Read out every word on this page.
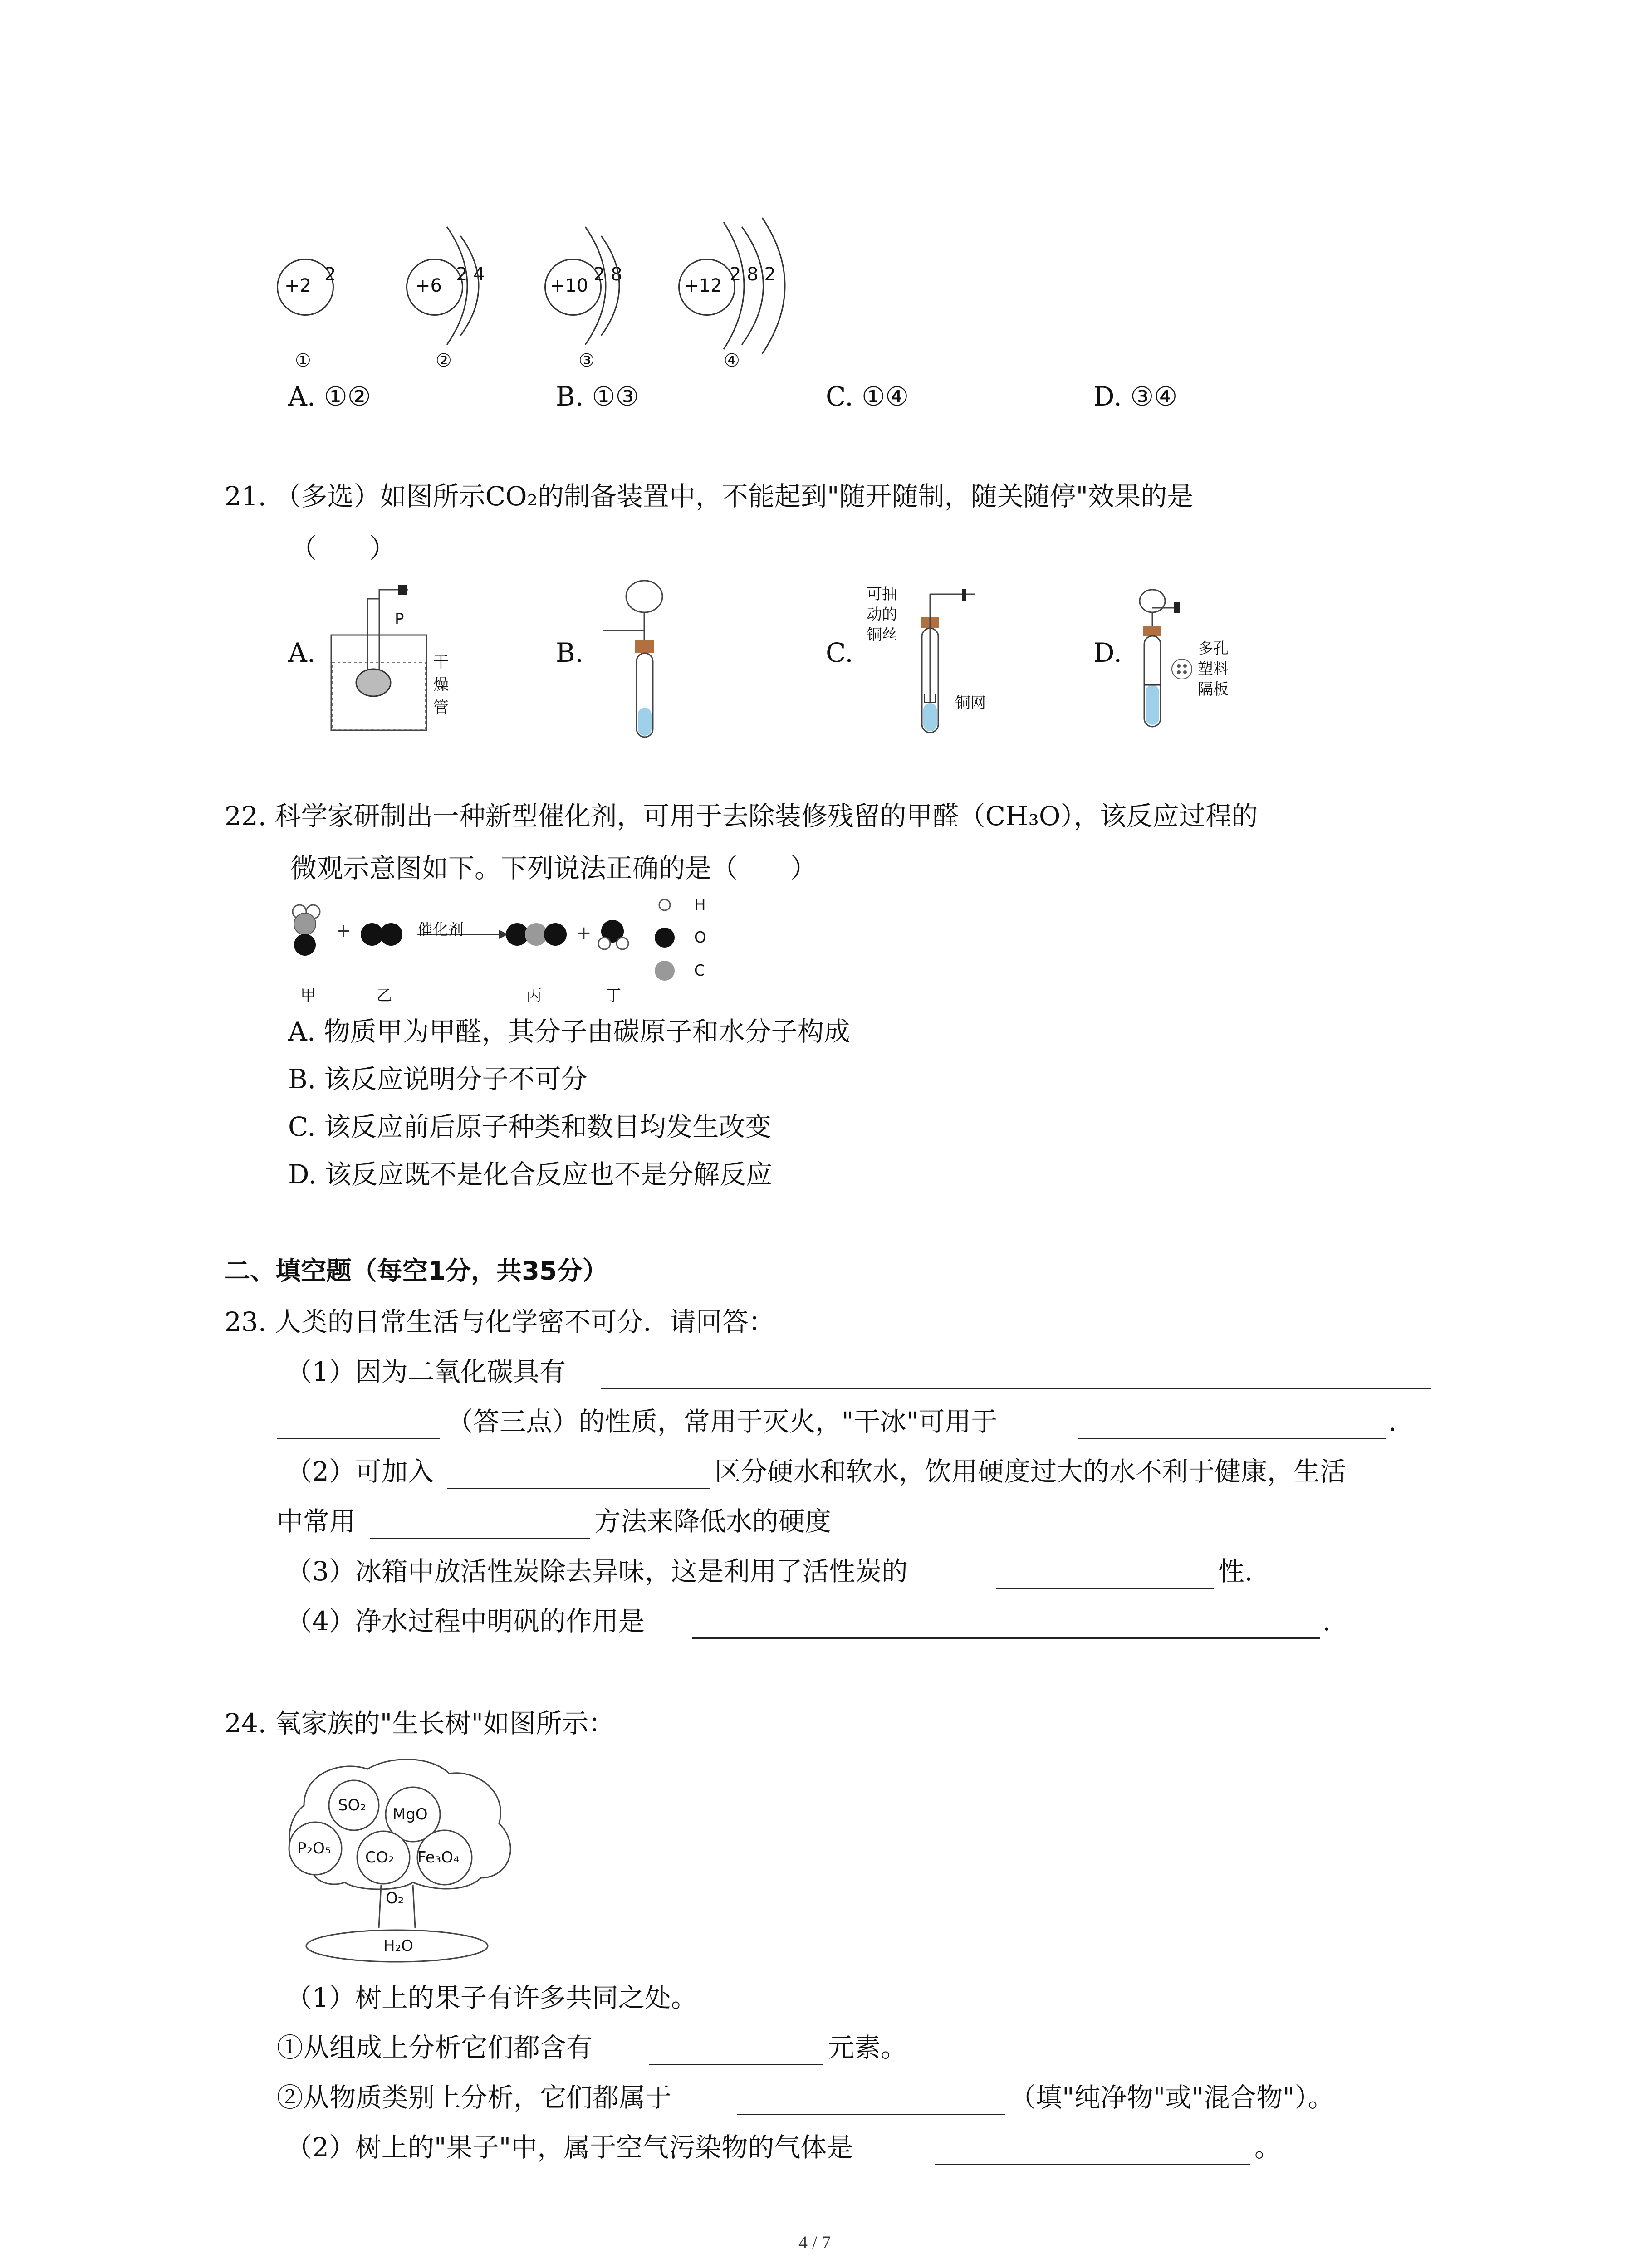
+2
2
①
+6
2 4
②
+10
2 8
③
+12
2 8 2
④
A. ①②	B. ①③	C. ①④	D. ③④
21. （多选）如图所示CO₂的制备装置中，不能起到"随开随制，随关随停"效果的是
（　　）
A.	B.	C.	D.
P
干
燥
管
可抽
动的
铜丝
铜网
多孔
塑料
隔板
22. 科学家研制出一种新型催化剂，可用于去除装修残留的甲醛（CH₃O），该反应过程的
微观示意图如下。下列说法正确的是（　　）
+	+
催化剂
H
O
C
甲	乙	丙	丁
A. 物质甲为甲醛，其分子由碳原子和水分子构成
B. 该反应说明分子不可分
C. 该反应前后原子种类和数目均发生改变
D. 该反应既不是化合反应也不是分解反应
二、填空题（每空1分，共35分）
23. 人类的日常生活与化学密不可分．请回答：
（1）因为二氧化碳具有
（答三点）的性质，常用于灭火，"干冰"可用于	.
（2）可加入	区分硬水和软水，饮用硬度过大的水不利于健康，生活
中常用	方法来降低水的硬度
（3）冰箱中放活性炭除去异味，这是利用了活性炭的	性.
（4）净水过程中明矾的作用是	.
24. 氧家族的"生长树"如图所示：
SO₂ MgO
P₂O₅ CO₂ Fe₃O₄
O₂
H₂O
（1）树上的果子有许多共同之处。
①从组成上分析它们都含有	元素。
②从物质类别上分析，它们都属于	（填"纯净物"或"混合物"）。
（2）树上的"果子"中，属于空气污染物的气体是	。
4 / 7
